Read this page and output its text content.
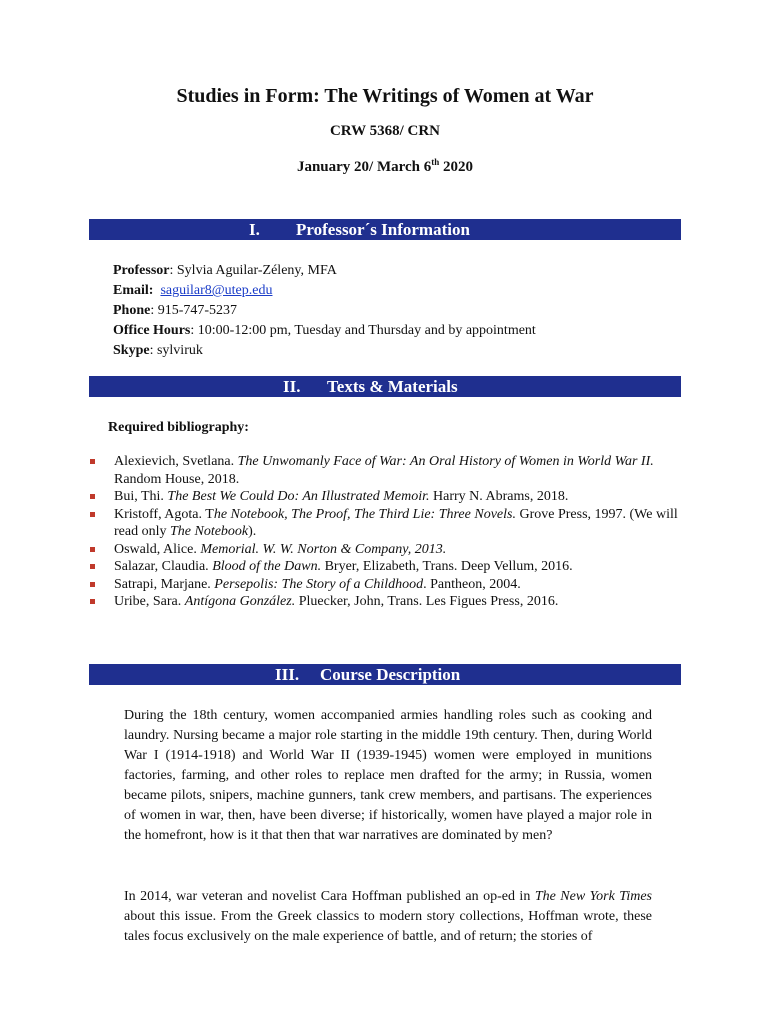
Studies in Form: The Writings of Women at War
CRW 5368/ CRN
January 20/ March 6th 2020
I. Professor´s Information
Professor: Sylvia Aguilar-Zéleny, MFA
Email: saguilar8@utep.edu
Phone: 915-747-5237
Office Hours: 10:00-12:00 pm, Tuesday and Thursday and by appointment
Skype: sylviruk
II. Texts & Materials
Required bibliography:
Alexievich, Svetlana. The Unwomanly Face of War: An Oral History of Women in World War II. Random House, 2018.
Bui, Thi. The Best We Could Do: An Illustrated Memoir. Harry N. Abrams, 2018.
Kristoff, Agota. The Notebook, The Proof, The Third Lie: Three Novels. Grove Press, 1997. (We will read only The Notebook).
Oswald, Alice. Memorial. W. W. Norton & Company, 2013.
Salazar, Claudia. Blood of the Dawn. Bryer, Elizabeth, Trans. Deep Vellum, 2016.
Satrapi, Marjane. Persepolis: The Story of a Childhood. Pantheon, 2004.
Uribe, Sara. Antígona González. Pluecker, John, Trans. Les Figues Press, 2016.
III. Course Description
During the 18th century, women accompanied armies handling roles such as cooking and laundry. Nursing became a major role starting in the middle 19th century. Then, during World War I (1914-1918) and World War II (1939-1945) women were employed in munitions factories, farming, and other roles to replace men drafted for the army; in Russia, women became pilots, snipers, machine gunners, tank crew members, and partisans. The experiences of women in war, then, have been diverse; if historically, women have played a major role in the homefront, how is it that then that war narratives are dominated by men?
In 2014, war veteran and novelist Cara Hoffman published an op-ed in The New York Times about this issue. From the Greek classics to modern story collections, Hoffman wrote, these tales focus exclusively on the male experience of battle, and of return; the stories of
